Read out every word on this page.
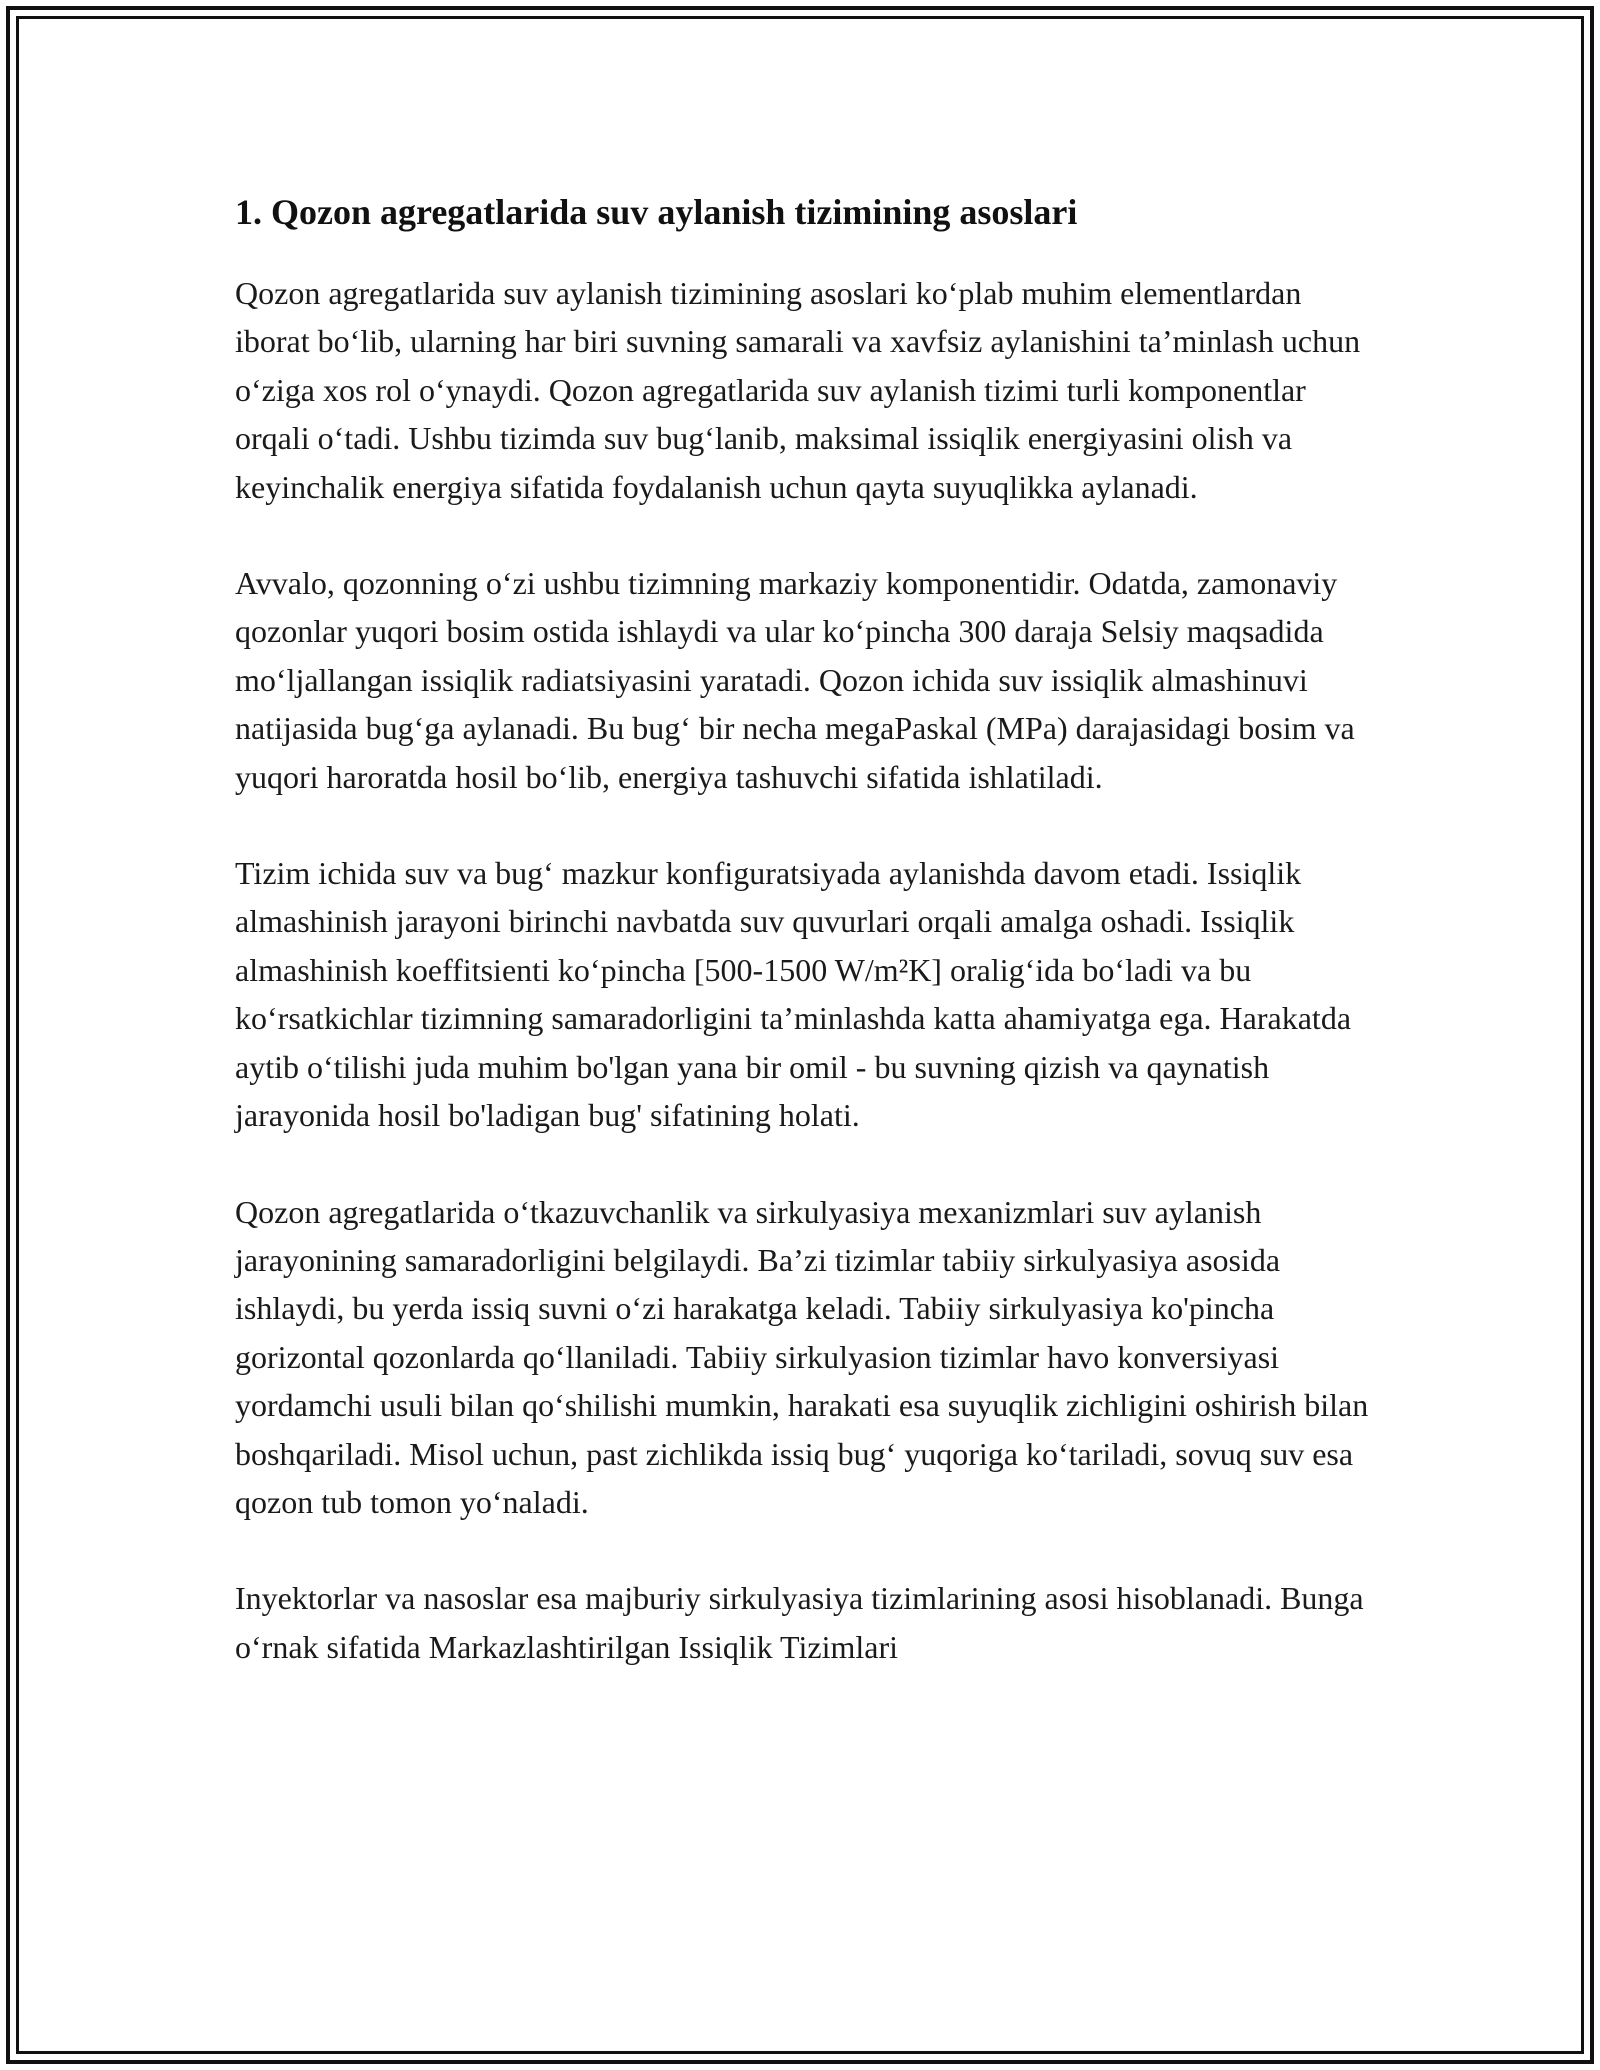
1. Qozon agregatlarida suv aylanish tizimining asoslari

Qozon agregatlarida suv aylanish tizimining asoslari ko‘plab muhim elementlardan iborat bo‘lib, ularning har biri suvning samarali va xavfsiz aylanishini ta’minlash uchun o‘ziga xos rol o‘ynaydi. Qozon agregatlarida suv aylanish tizimi turli komponentlar orqali o‘tadi. Ushbu tizimda suv bug‘lanib, maksimal issiqlik energiyasini olish va keyinchalik energiya sifatida foydalanish uchun qayta suyuqlikka aylanadi.

Avvalo, qozonning o‘zi ushbu tizimning markaziy komponentidir. Odatda, zamonaviy qozonlar yuqori bosim ostida ishlaydi va ular ko‘pincha 300 daraja Selsiy maqsadida mo‘ljallangan issiqlik radiatsiyasini yaratadi. Qozon ichida suv issiqlik almashinuvi natijasida bug‘ga aylanadi. Bu bug‘ bir necha megaPaskal (MPa) darajasidagi bosim va yuqori haroratda hosil bo‘lib, energiya tashuvchi sifatida ishlatiladi.

Tizim ichida suv va bug‘ mazkur konfiguratsiyada aylanishda davom etadi. Issiqlik almashinish jarayoni birinchi navbatda suv quvurlari orqali amalga oshadi. Issiqlik almashinish koeffitsienti ko‘pincha [500-1500 W/m²K] oralig‘ida bo‘ladi va bu ko‘rsatkichlar tizimning samaradorligini ta’minlashda katta ahamiyatga ega. Harakatda aytib o‘tilishi juda muhim bo'lgan yana bir omil - bu suvning qizish va qaynatish jarayonida hosil bo'ladigan bug' sifatining holati.

Qozon agregatlarida o‘tkazuvchanlik va sirkulyasiya mexanizmlari suv aylanish jarayonining samaradorligini belgilaydi. Ba’zi tizimlar tabiiy sirkulyasiya asosida ishlaydi, bu yerda issiq suvni o‘zi harakatga keladi. Tabiiy sirkulyasiya ko'pincha gorizontal qozonlarda qo‘llaniladi. Tabiiy sirkulyasion tizimlar havo konversiyasi yordamchi usuli bilan qo‘shilishi mumkin, harakati esa suyuqlik zichligini oshirish bilan boshqariladi. Misol uchun, past zichlikda issiq bug‘ yuqoriga ko‘tariladi, sovuq suv esa qozon tub tomon yo‘naladi.

Inyektorlar va nasoslar esa majburiy sirkulyasiya tizimlarining asosi hisoblanadi. Bunga o‘rnak sifatida Markazlashtirilgan Issiqlik Tizimlari
